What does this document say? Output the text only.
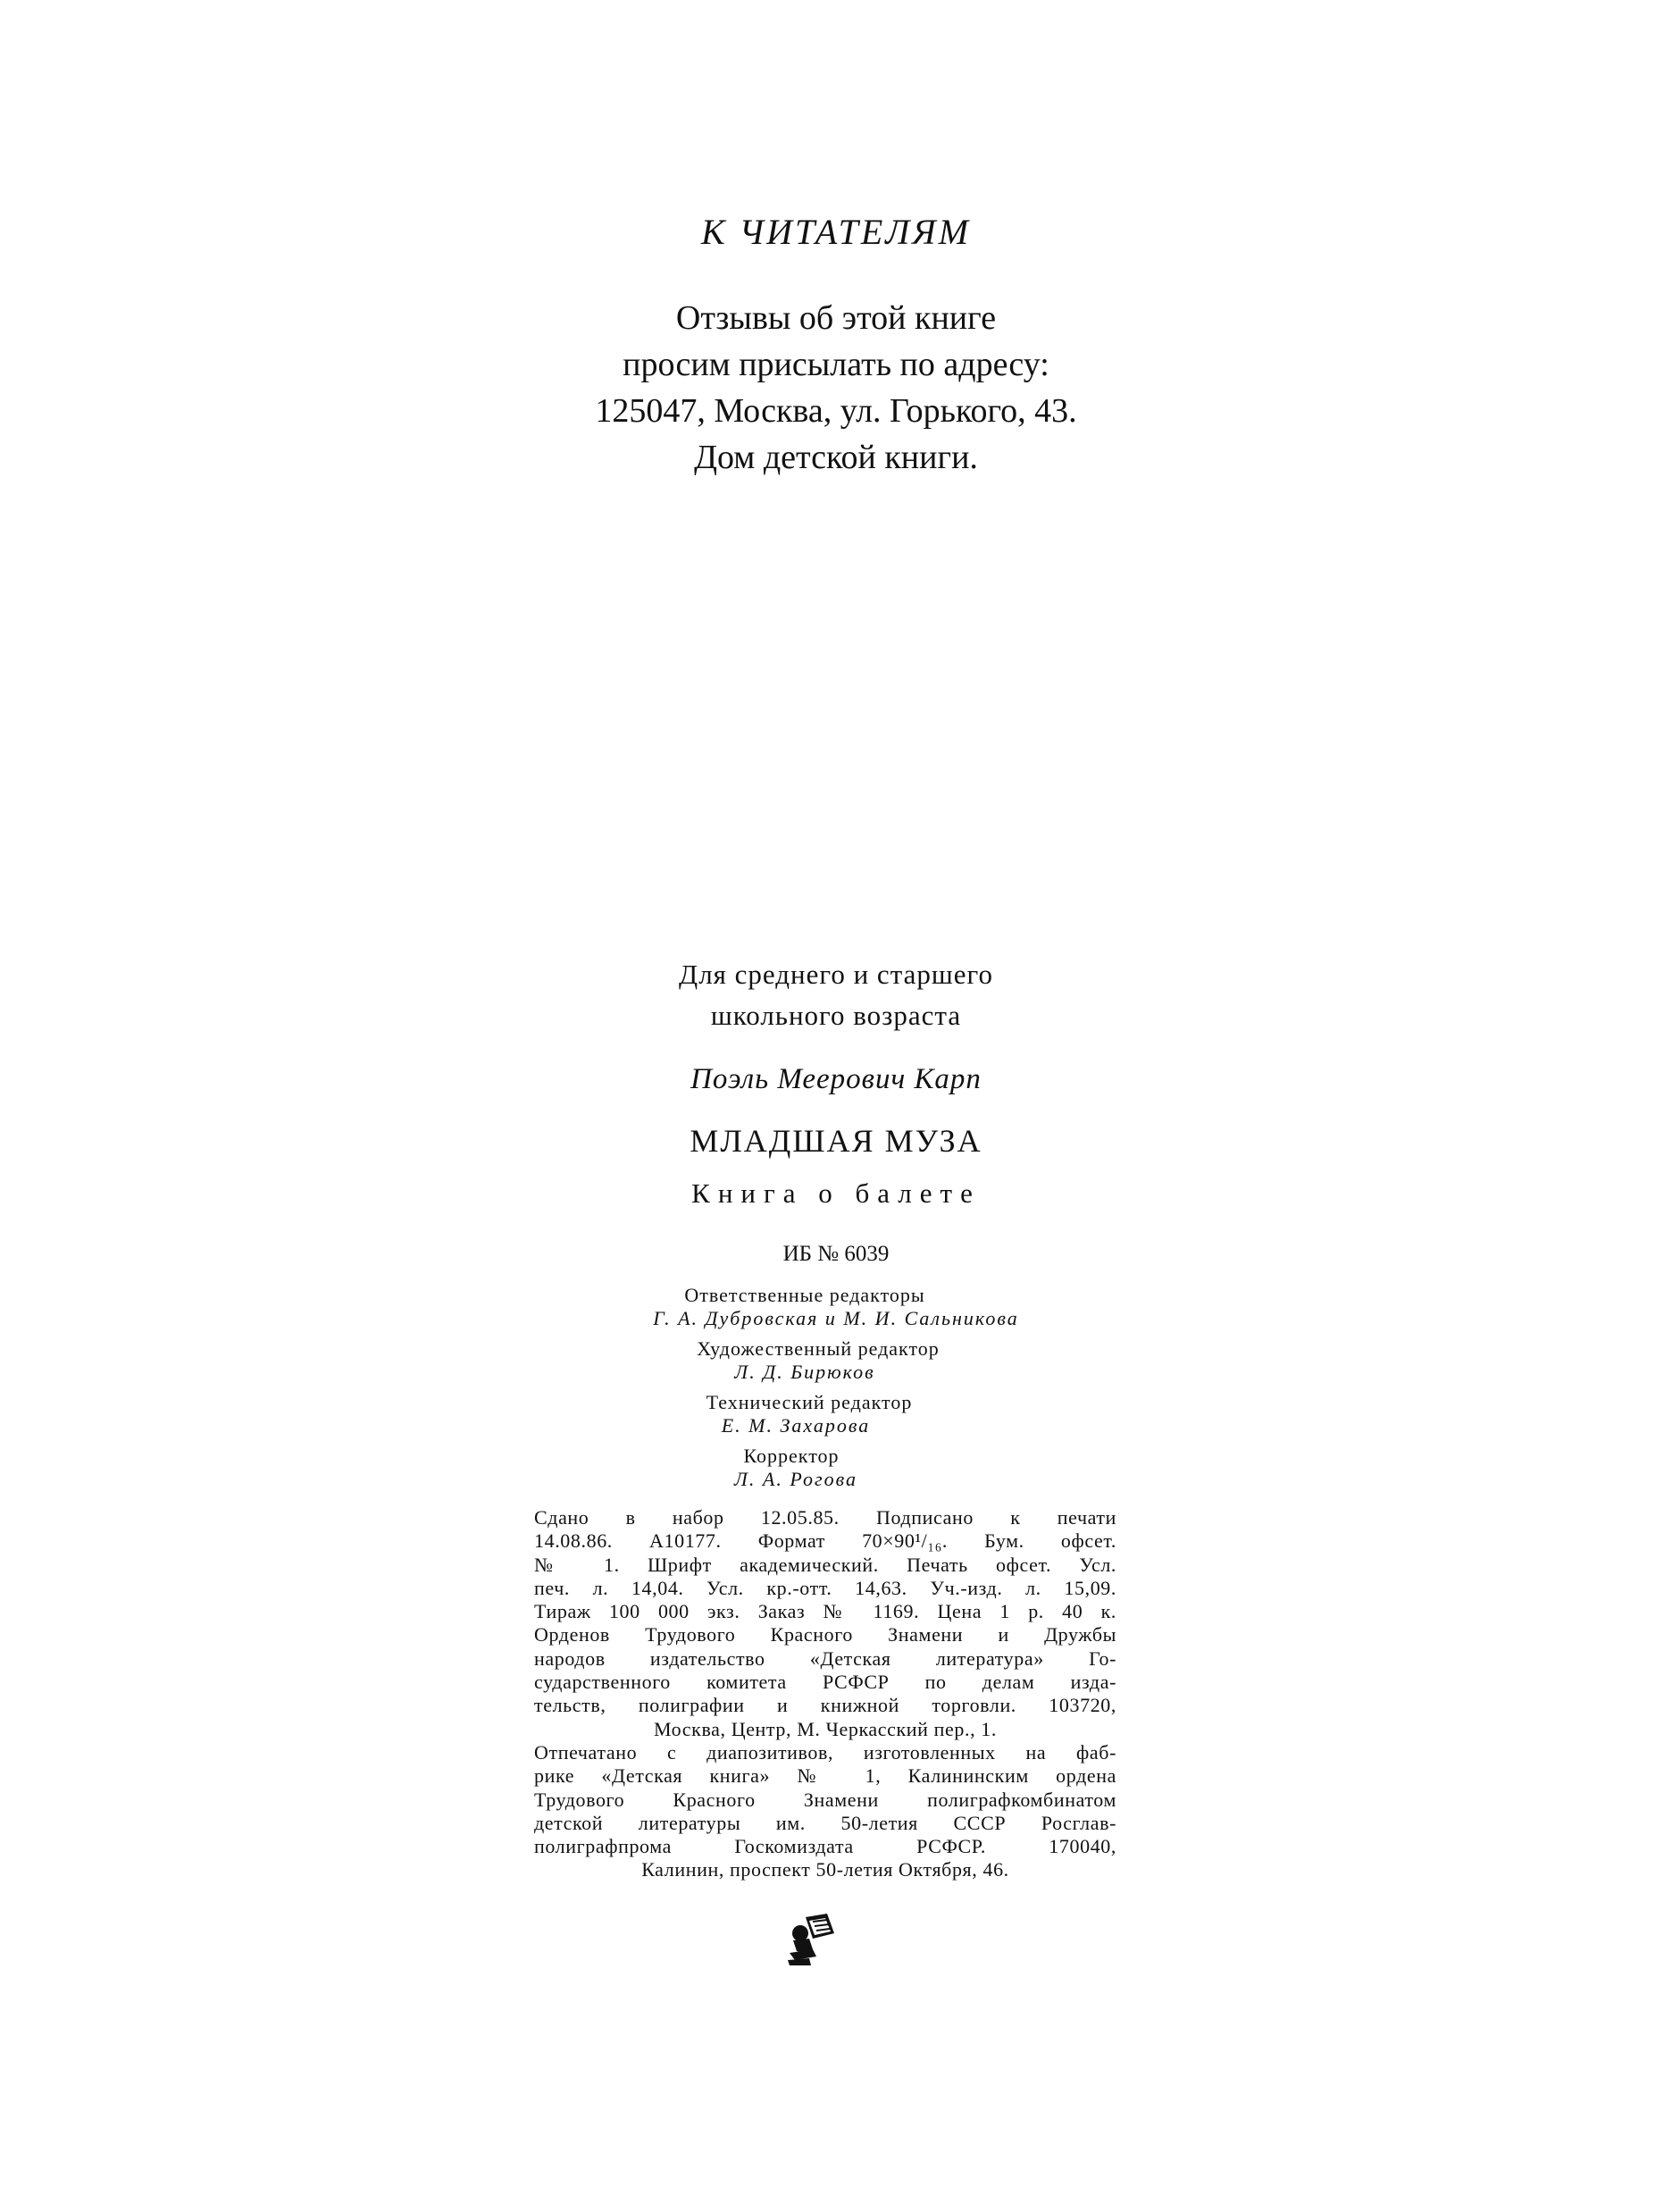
К ЧИТАТЕЛЯМ
Отзывы об этой книге
просим присылать по адресу:
125047, Москва, ул. Горького, 43.
Дом детской книги.
Для среднего и старшего
школьного возраста
Поэль Меерович Карп
МЛАДШАЯ МУЗА
Книга о балете
ИБ № 6039
Ответственные редакторы
Г. А. Дубровская и М. И. Сальникова
Художественный редактор
Л. Д. Бирюков
Технический редактор
Е. М. Захарова
Корректор
Л. А. Рогова
Сдано в набор 12.05.85. Подписано к печати
14.08.86. А10177. Формат 70×90¹/₁₆. Бум. офсет.
№ 1. Шрифт академический. Печать офсет. Усл.
печ. л. 14,04. Усл. кр.-отт. 14,63. Уч.-изд. л. 15,09.
Тираж 100 000 экз. Заказ № 1169. Цена 1 р. 40 к.
Орденов Трудового Красного Знамени и Дружбы
народов издательство «Детская литература» Го-
сударственного комитета РСФСР по делам изда-
тельств, полиграфии и книжной торговли. 103720,
Москва, Центр, М. Черкасский пер., 1.
Отпечатано с диапозитивов, изготовленных на фаб-
рике «Детская книга» № 1, Калининским ордена
Трудового Красного Знамени полиграфкомбинатом
детской литературы им. 50-летия СССР Росглав-
полиграфпрома Госкомиздата РСФСР. 170040,
Калинин, проспект 50-летия Октября, 46.
